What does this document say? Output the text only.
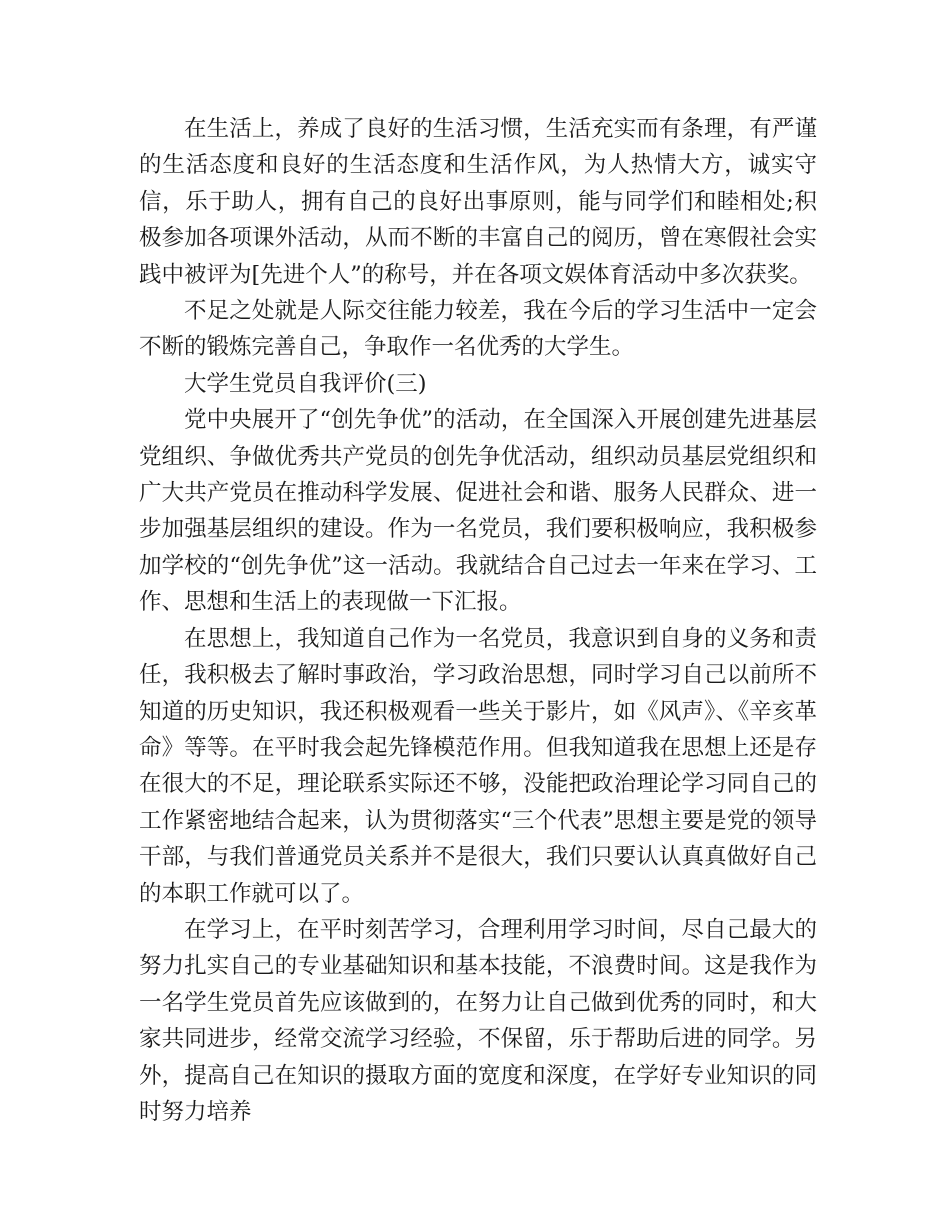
在生活上，养成了良好的生活习惯，生活充实而有条理，有严谨的生活态度和良好的生活态度和生活作风，为人热情大方，诚实守信，乐于助人，拥有自己的良好出事原则，能与同学们和睦相处;积极参加各项课外活动，从而不断的丰富自己的阅历，曾在寒假社会实践中被评为[先进个人”的称号，并在各项文娱体育活动中多次获奖。

不足之处就是人际交往能力较差，我在今后的学习生活中一定会不断的锻炼完善自己，争取作一名优秀的大学生。

大学生党员自我评价(三)

党中央展开了“创先争优”的活动，在全国深入开展创建先进基层党组织、争做优秀共产党员的创先争优活动，组织动员基层党组织和广大共产党员在推动科学发展、促进社会和谐、服务人民群众、进一步加强基层组织的建设。作为一名党员，我们要积极响应，我积极参加学校的“创先争优”这一活动。我就结合自己过去一年来在学习、工作、思想和生活上的表现做一下汇报。

在思想上，我知道自己作为一名党员，我意识到自身的义务和责任，我积极去了解时事政治，学习政治思想，同时学习自己以前所不知道的历史知识，我还积极观看一些关于影片，如《风声》、《辛亥革命》等等。在平时我会起先锋模范作用。但我知道我在思想上还是存在很大的不足，理论联系实际还不够，没能把政治理论学习同自己的工作紧密地结合起来，认为贯彻落实“三个代表”思想主要是党的领导干部，与我们普通党员关系并不是很大，我们只要认认真真做好自己的本职工作就可以了。

在学习上，在平时刻苦学习，合理利用学习时间，尽自己最大的努力扎实自己的专业基础知识和基本技能，不浪费时间。这是我作为一名学生党员首先应该做到的，在努力让自己做到优秀的同时，和大家共同进步，经常交流学习经验，不保留，乐于帮助后进的同学。另外，提高自己在知识的摄取方面的宽度和深度，在学好专业知识的同时努力培养
